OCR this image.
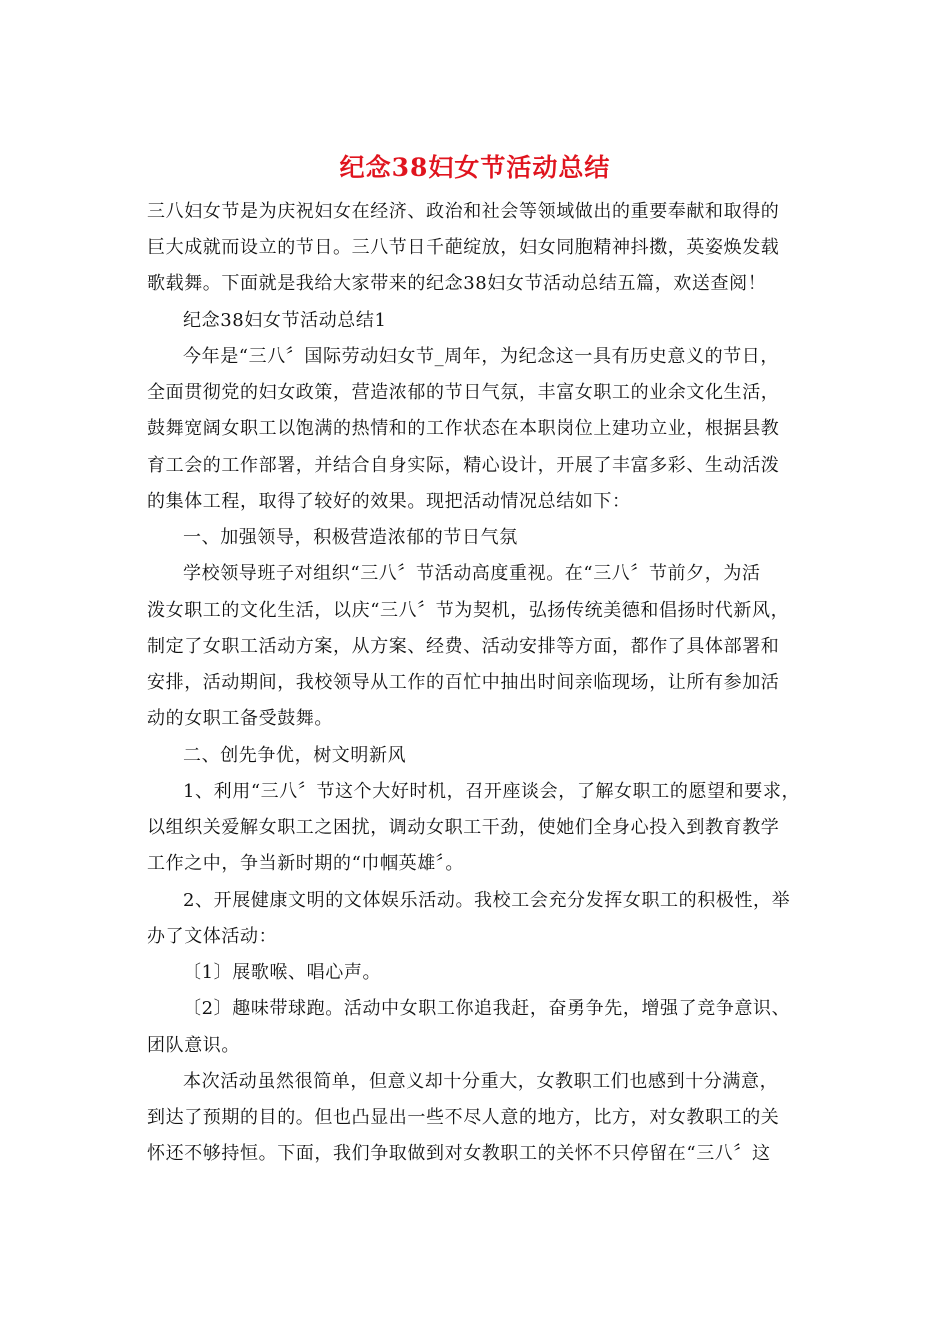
纪念38妇女节活动总结
三八妇女节是为庆祝妇女在经济、政治和社会等领域做出的重要奉献和取得的
巨大成就而设立的节日。三八节日千葩绽放，妇女同胞精神抖擞，英姿焕发载
歌载舞。下面就是我给大家带来的纪念38妇女节活动总结五篇，欢送查阅！
纪念38妇女节活动总结1
今年是“三八〞国际劳动妇女节_周年，为纪念这一具有历史意义的节日，
全面贯彻党的妇女政策，营造浓郁的节日气氛，丰富女职工的业余文化生活，
鼓舞宽阔女职工以饱满的热情和的工作状态在本职岗位上建功立业，根据县教
育工会的工作部署，并结合自身实际，精心设计，开展了丰富多彩、生动活泼
的集体工程，取得了较好的效果。现把活动情况总结如下：
一、加强领导，积极营造浓郁的节日气氛
学校领导班子对组织“三八〞节活动高度重视。在“三八〞节前夕，为活
泼女职工的文化生活，以庆“三八〞节为契机，弘扬传统美德和倡扬时代新风，
制定了女职工活动方案，从方案、经费、活动安排等方面，都作了具体部署和
安排，活动期间，我校领导从工作的百忙中抽出时间亲临现场，让所有参加活
动的女职工备受鼓舞。
二、创先争优，树文明新风
1、利用“三八〞节这个大好时机，召开座谈会，了解女职工的愿望和要求，
以组织关爱解女职工之困扰，调动女职工干劲，使她们全身心投入到教育教学
工作之中，争当新时期的“巾帼英雄〞。
2、开展健康文明的文体娱乐活动。我校工会充分发挥女职工的积极性，举
办了文体活动：
〔1〕展歌喉、唱心声。
〔2〕趣味带球跑。活动中女职工你追我赶，奋勇争先，增强了竞争意识、
团队意识。
本次活动虽然很简单，但意义却十分重大，女教职工们也感到十分满意，
到达了预期的目的。但也凸显出一些不尽人意的地方，比方，对女教职工的关
怀还不够持恒。下面，我们争取做到对女教职工的关怀不只停留在“三八〞这
